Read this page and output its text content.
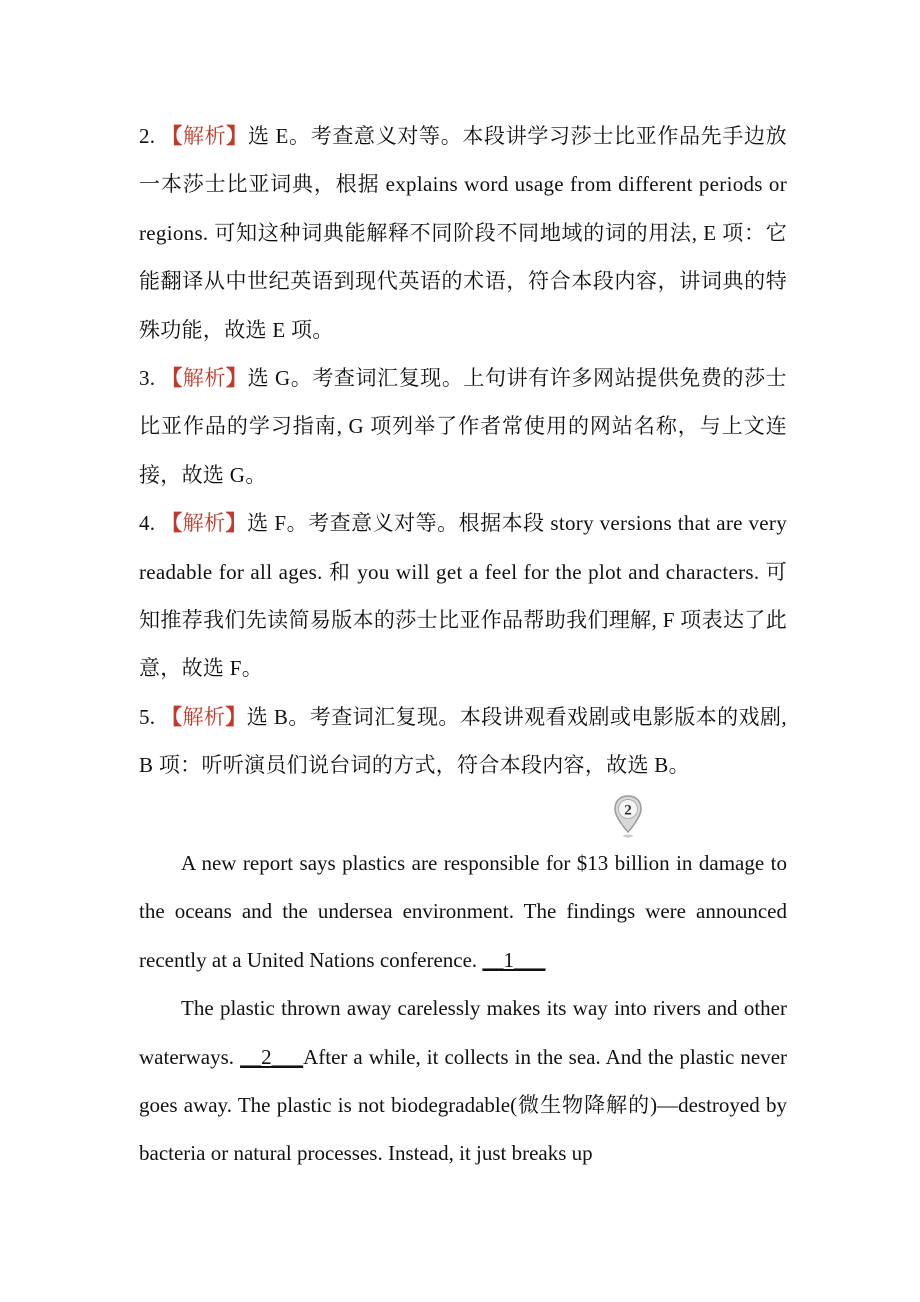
2. 【解析】选 E。考查意义对等。本段讲学习莎士比亚作品先手边放一本莎士比亚词典，根据 explains word usage from different periods or regions. 可知这种词典能解释不同阶段不同地域的词的用法, E 项：它能翻译从中世纪英语到现代英语的术语，符合本段内容，讲词典的特殊功能，故选 E 项。
3. 【解析】选 G。考查词汇复现。上句讲有许多网站提供免费的莎士比亚作品的学习指南, G 项列举了作者常使用的网站名称，与上文连接，故选 G。
4. 【解析】选 F。考查意义对等。根据本段 story versions that are very readable for all ages. 和 you will get a feel for the plot and characters. 可知推荐我们先读简易版本的莎士比亚作品帮助我们理解, F 项表达了此意，故选 F。
5. 【解析】选 B。考查词汇复现。本段讲观看戏剧或电影版本的戏剧, B 项：听听演员们说台词的方式，符合本段内容，故选 B。
2

A new report says plastics are responsible for $13 billion in damage to the oceans and the undersea environment. The findings were announced recently at a United Nations conference. __1___

The plastic thrown away carelessly makes its way into rivers and other waterways. __2___After a while, it collects in the sea. And the plastic never goes away. The plastic is not biodegradable(微生物降解的)—destroyed by bacteria or natural processes. Instead, it just breaks up
